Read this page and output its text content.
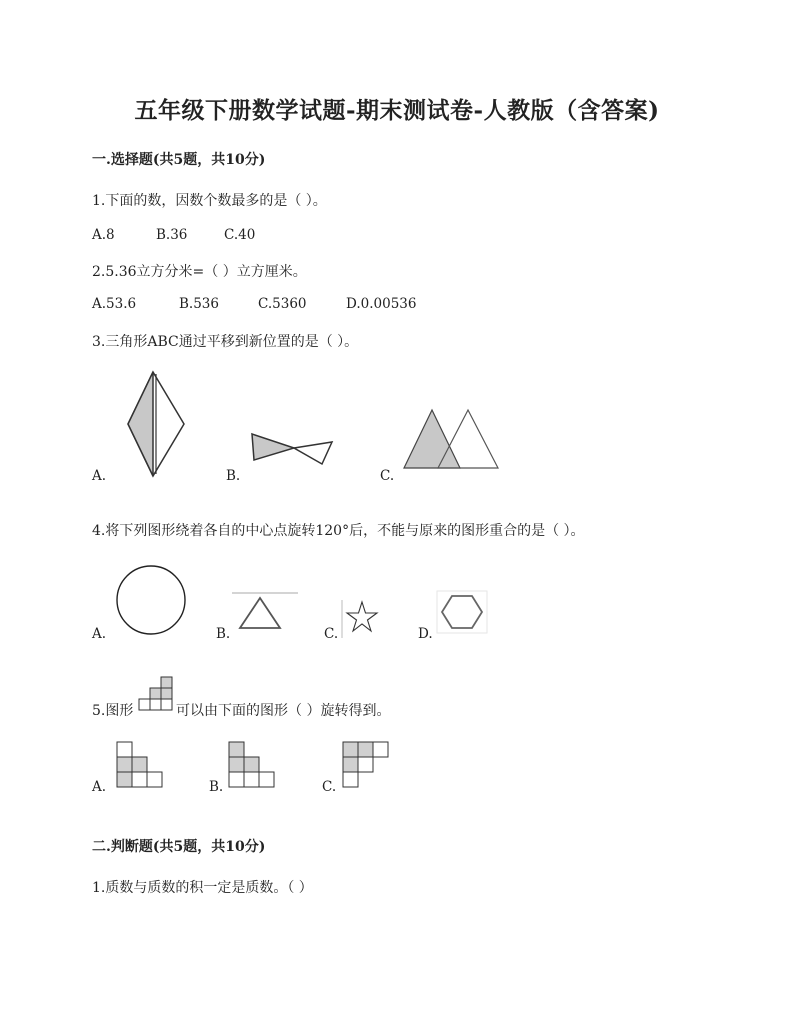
五年级下册数学试题-期末测试卷-人教版（含答案)
一.选择题(共5题，共10分)
1.下面的数，因数个数最多的是（ ）。
A.8	B.36	C.40
2.5.36立方分米=（ ）立方厘米。
A.53.6	B.536	C.5360	D.0.00536
3.三角形ABC通过平移到新位置的是（ ）。
A.	B.	C.
4.将下列图形绕着各自的中心点旋转120°后，不能与原来的图形重合的是（ ）。
A.	B.	C.	D.
5.图形	可以由下面的图形（ ）旋转得到。
A.	B.	C.
二.判断题(共5题，共10分)
1.质数与质数的积一定是质数。（ ）
